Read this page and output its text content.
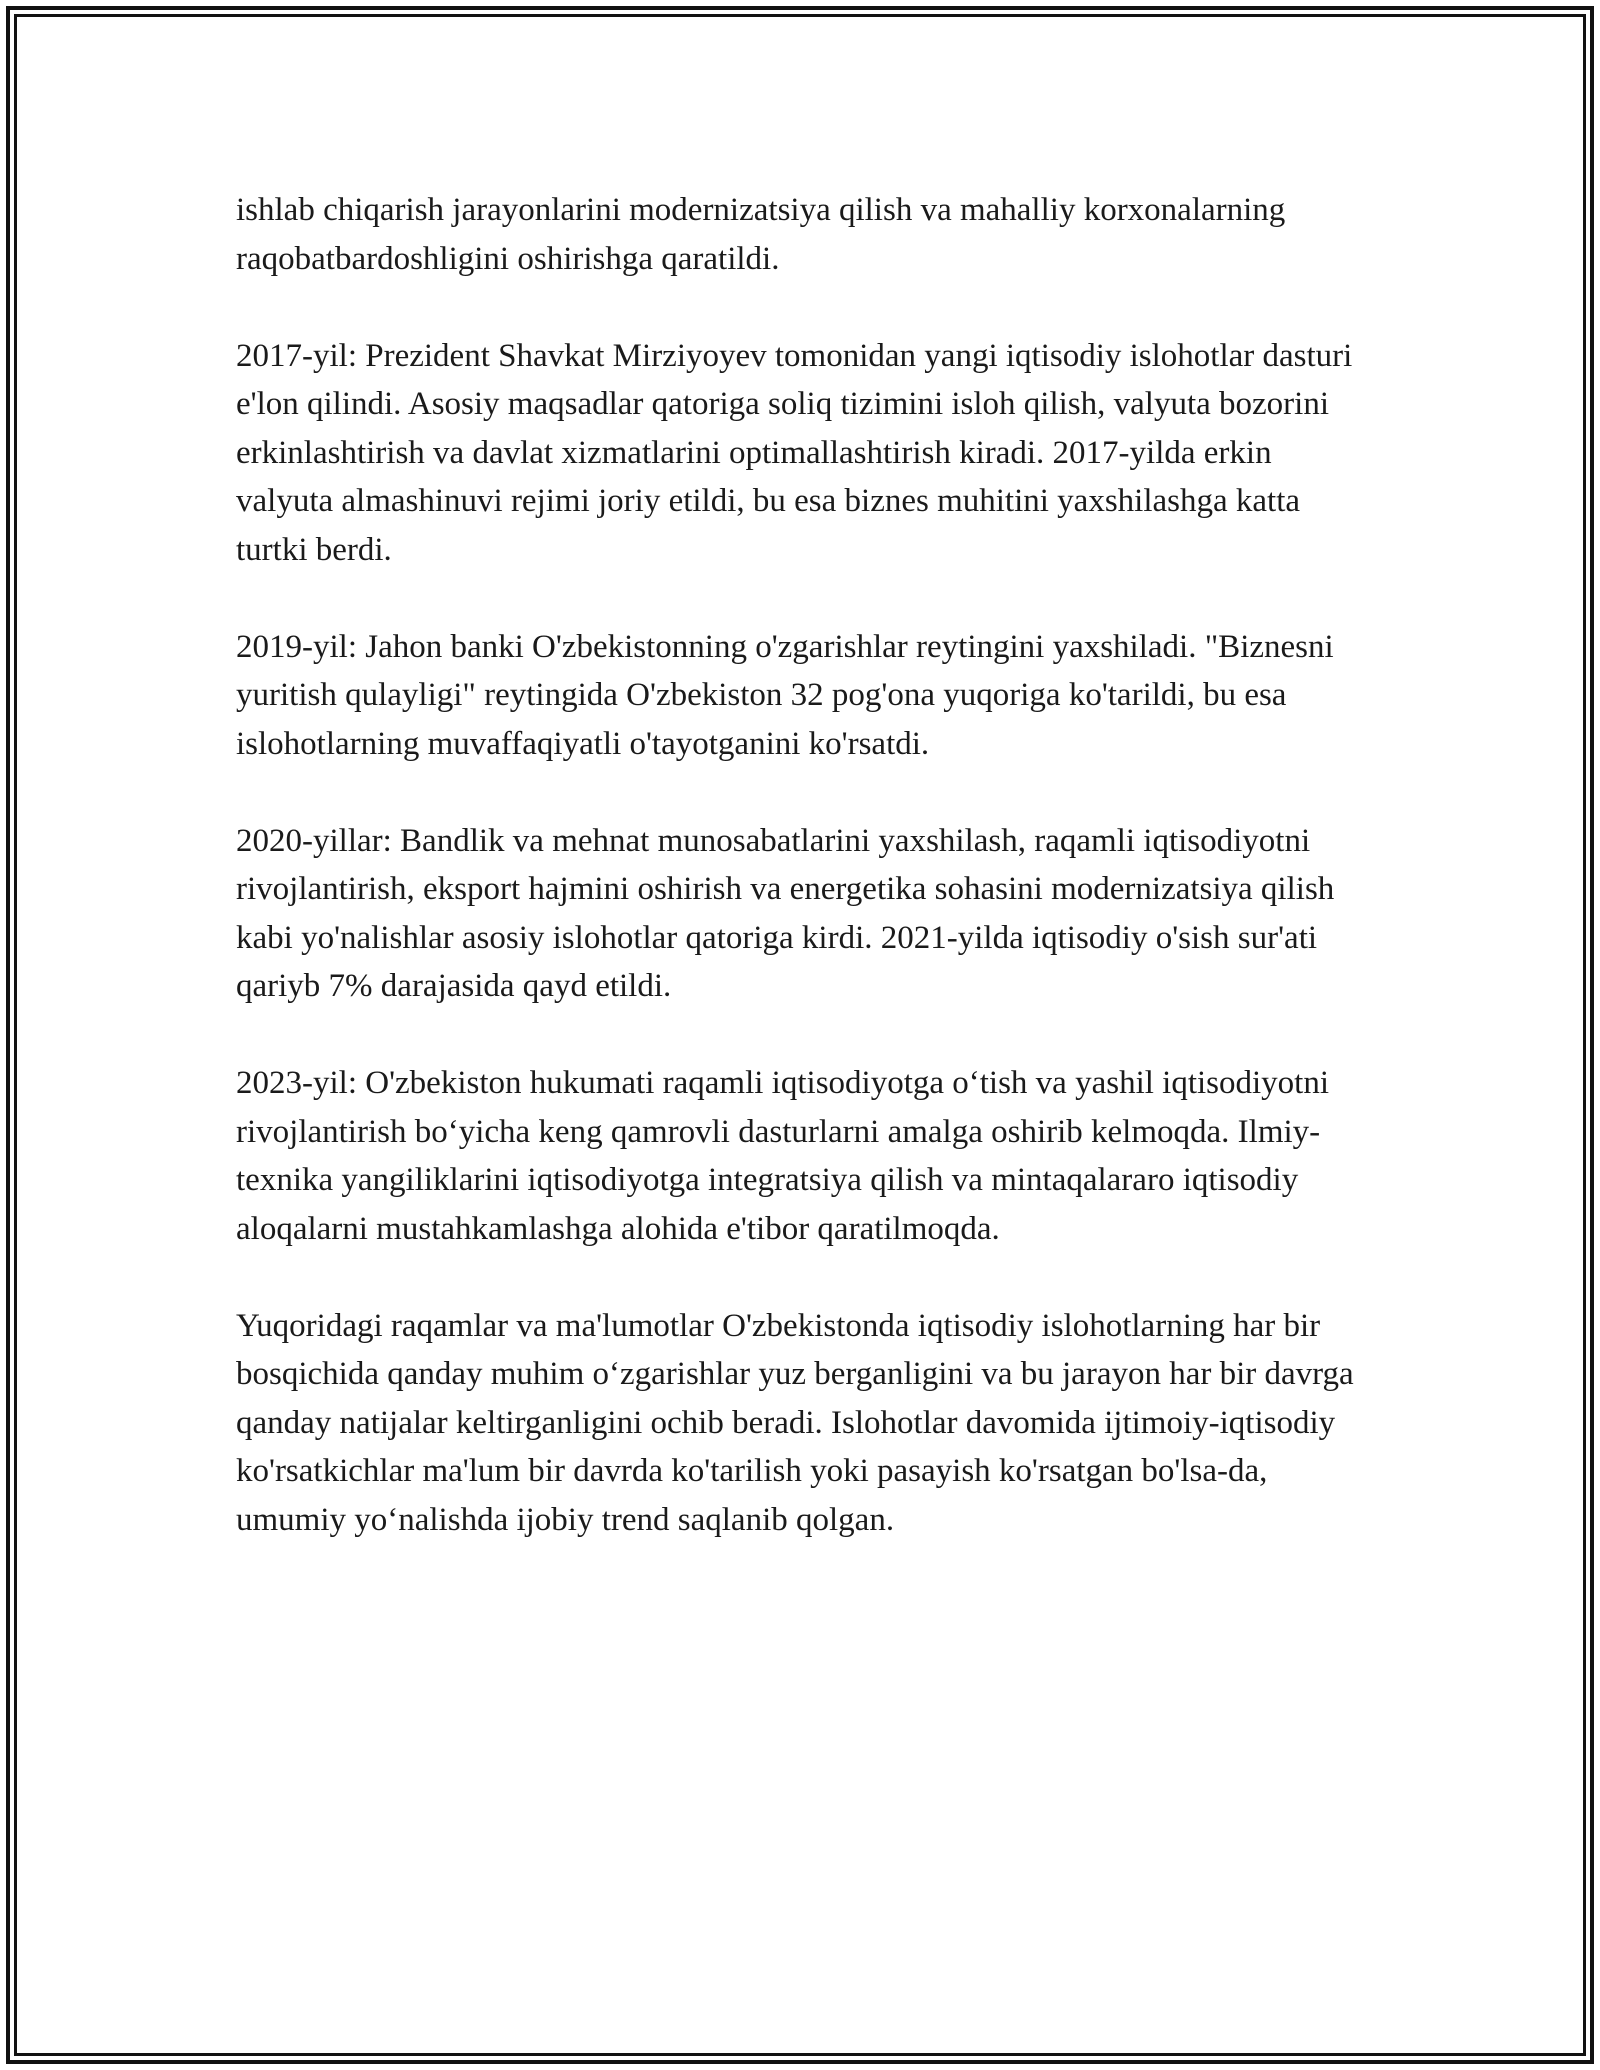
ishlab chiqarish jarayonlarini modernizatsiya qilish va mahalliy korxonalarning raqobatbardoshligini oshirishga qaratildi.

2017-yil: Prezident Shavkat Mirziyoyev tomonidan yangi iqtisodiy islohotlar dasturi e'lon qilindi. Asosiy maqsadlar qatoriga soliq tizimini isloh qilish, valyuta bozorini erkinlashtirish va davlat xizmatlarini optimallashtirish kiradi. 2017-yilda erkin valyuta almashinuvi rejimi joriy etildi, bu esa biznes muhitini yaxshilashga katta turtki berdi.

2019-yil: Jahon banki O'zbekistonning o'zgarishlar reytingini yaxshiladi. "Biznesni yuritish qulayligi" reytingida O'zbekiston 32 pog'ona yuqoriga ko'tarildi, bu esa islohotlarning muvaffaqiyatli o'tayotganini ko'rsatdi.

2020-yillar: Bandlik va mehnat munosabatlarini yaxshilash, raqamli iqtisodiyotni rivojlantirish, eksport hajmini oshirish va energetika sohasini modernizatsiya qilish kabi yo'nalishlar asosiy islohotlar qatoriga kirdi. 2021-yilda iqtisodiy o'sish sur'ati qariyb 7% darajasida qayd etildi.

2023-yil: O'zbekiston hukumati raqamli iqtisodiyotga o‘tish va yashil iqtisodiyotni rivojlantirish bo‘yicha keng qamrovli dasturlarni amalga oshirib kelmoqda. Ilmiy-texnika yangiliklarini iqtisodiyotga integratsiya qilish va mintaqalararo iqtisodiy aloqalarni mustahkamlashga alohida e'tibor qaratilmoqda.

Yuqoridagi raqamlar va ma'lumotlar O'zbekistonda iqtisodiy islohotlarning har bir bosqichida qanday muhim o‘zgarishlar yuz berganligini va bu jarayon har bir davrga qanday natijalar keltirganligini ochib beradi. Islohotlar davomida ijtimoiy-iqtisodiy ko'rsatkichlar ma'lum bir davrda ko'tarilish yoki pasayish ko'rsatgan bo'lsa-da, umumiy yo‘nalishda ijobiy trend saqlanib qolgan.
